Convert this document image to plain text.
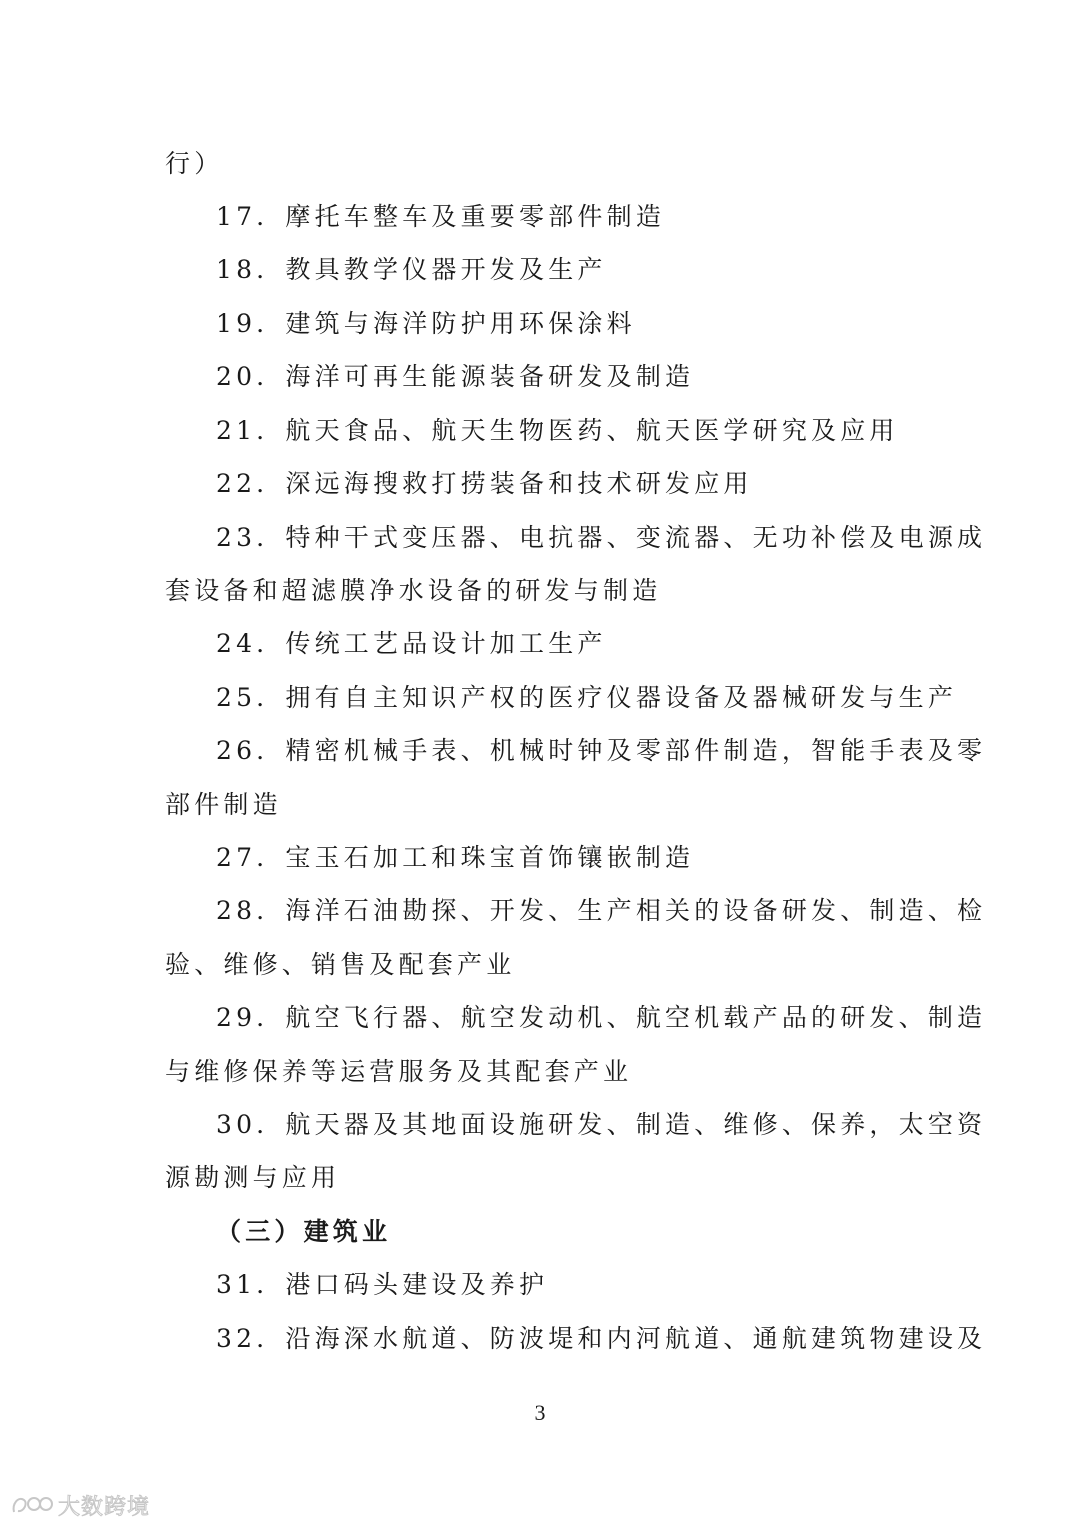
行）
17．摩托车整车及重要零部件制造
18．教具教学仪器开发及生产
19．建筑与海洋防护用环保涂料
20．海洋可再生能源装备研发及制造
21．航天食品、航天生物医药、航天医学研究及应用
22．深远海搜救打捞装备和技术研发应用
23．特种干式变压器、电抗器、变流器、无功补偿及电源成
套设备和超滤膜净水设备的研发与制造
24．传统工艺品设计加工生产
25．拥有自主知识产权的医疗仪器设备及器械研发与生产
26．精密机械手表、机械时钟及零部件制造，智能手表及零
部件制造
27．宝玉石加工和珠宝首饰镶嵌制造
28．海洋石油勘探、开发、生产相关的设备研发、制造、检
验、维修、销售及配套产业
29．航空飞行器、航空发动机、航空机载产品的研发、制造
与维修保养等运营服务及其配套产业
30．航天器及其地面设施研发、制造、维修、保养，太空资
源勘测与应用
（三）建筑业
31．港口码头建设及养护
32．沿海深水航道、防波堤和内河航道、通航建筑物建设及
3
大数跨境
